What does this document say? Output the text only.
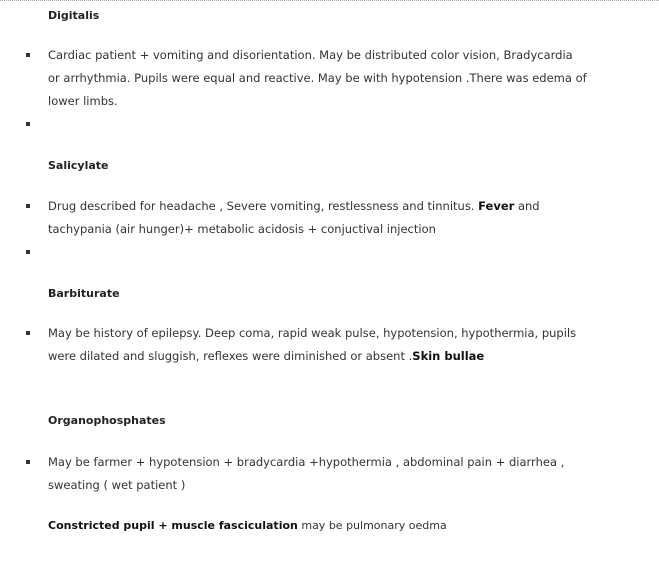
Digitalis
Cardiac patient + vomiting and disorientation. May be distributed color vision, Bradycardia or arrhythmia. Pupils were equal and reactive. May be with hypotension .There was edema of lower limbs.
Salicylate
Drug described for headache , Severe vomiting, restlessness and tinnitus. Fever and tachypania (air hunger)+ metabolic acidosis + conjuctival injection
Barbiturate
May be history of epilepsy. Deep coma, rapid weak pulse, hypotension, hypothermia, pupils were dilated and sluggish, reflexes were diminished or absent .Skin bullae
Organophosphates
May be farmer + hypotension + bradycardia +hypothermia , abdominal pain + diarrhea , sweating ( wet patient )
Constricted pupil + muscle fasciculation may be pulmonary oedma
